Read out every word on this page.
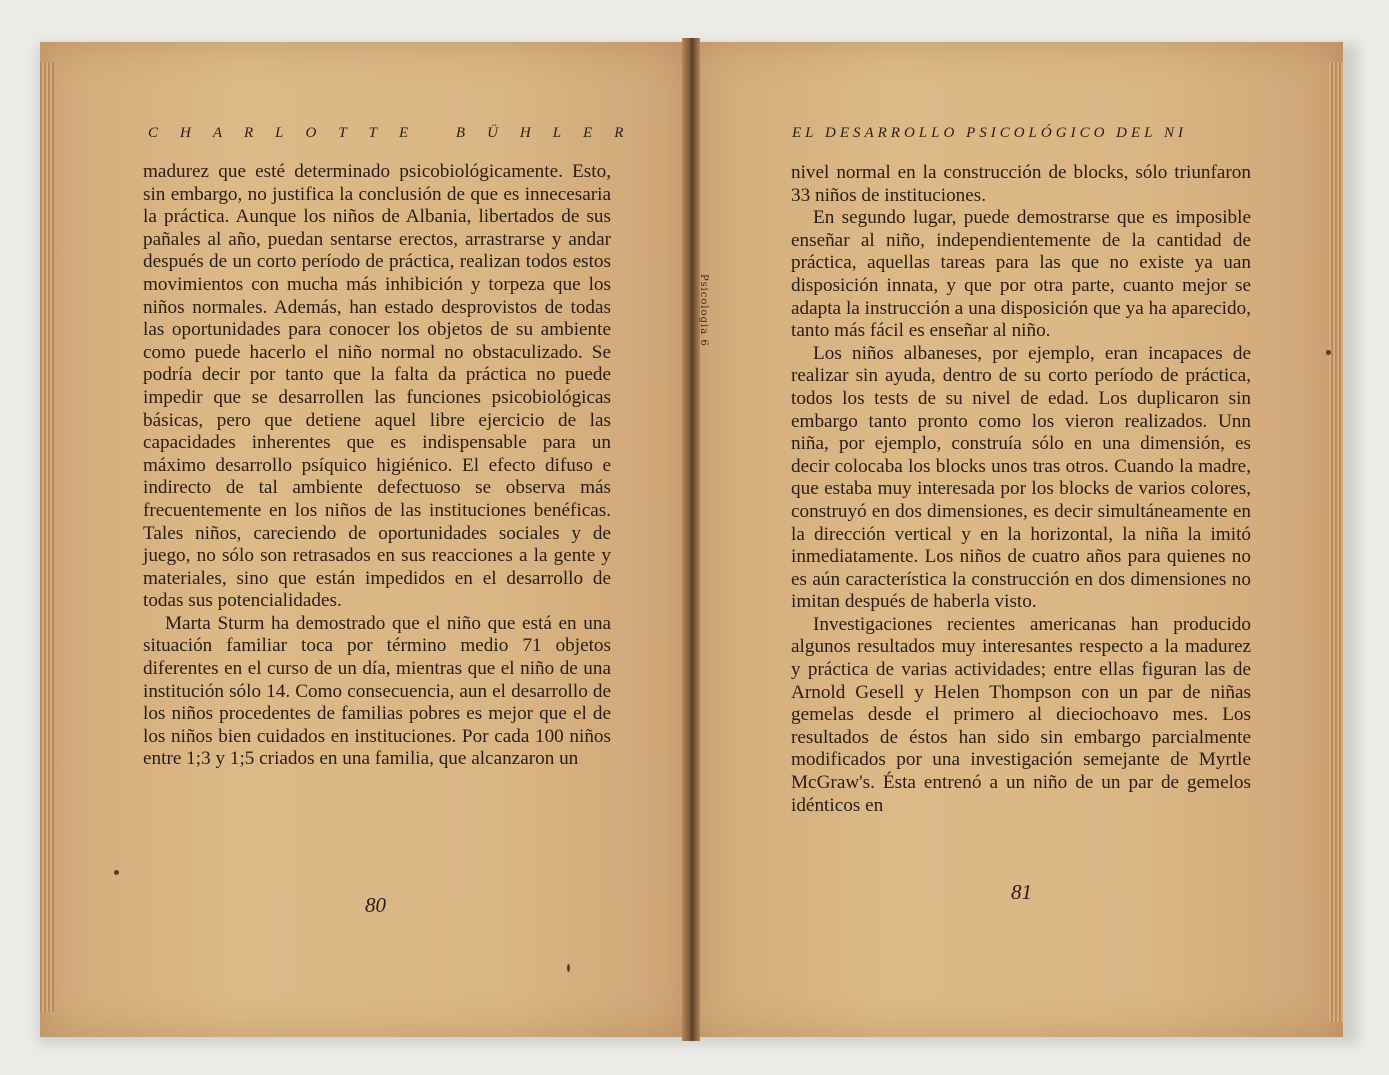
Psicologia 6
CHARLOTTE BÜHLER

madurez que esté determinado psicobiológicamente. Esto, sin embargo, no justifica la conclusión de que es innecesaria la práctica. Aunque los niños de Albania, libertados de sus pañales al año, puedan sentarse erectos, arrastrarse y andar después de un corto período de práctica, realizan todos estos movimientos con mucha más inhibición y torpeza que los niños normales. Además, han estado desprovistos de todas las oportunidades para conocer los objetos de su ambiente como puede hacerlo el niño normal no obstaculizado. Se podría decir por tanto que la falta da práctica no puede impedir que se desarrollen las funciones psicobiológicas básicas, pero que detiene aquel libre ejercicio de las capacidades inherentes que es indispensable para un máximo desarrollo psíquico higiénico. El efecto difuso e indirecto de tal ambiente defectuoso se observa más frecuentemente en los niños de las instituciones benéficas. Tales niños, careciendo de oportunidades sociales y de juego, no sólo son retrasados en sus reacciones a la gente y materiales, sino que están impedidos en el desarrollo de todas sus potencialidades.

Marta Sturm ha demostrado que el niño que está en una situación familiar toca por término medio 71 objetos diferentes en el curso de un día, mientras que el niño de una institución sólo 14. Como consecuencia, aun el desarrollo de los niños procedentes de familias pobres es mejor que el de los niños bien cuidados en instituciones. Por cada 100 niños entre 1;3 y 1;5 criados en una familia, que alcanzaron un

80
EL DESARROLLO PSICOLÓGICO DEL NI

nivel normal en la construcción de blocks, sólo triunfaron 33 niños de instituciones.

En segundo lugar, puede demostrarse que es imposible enseñar al niño, independientemente de la cantidad de práctica, aquellas tareas para las que no existe ya uan disposición innata, y que por otra parte, cuanto mejor se adapta la instrucción a una disposición que ya ha aparecido, tanto más fácil es enseñar al niño.

Los niños albaneses, por ejemplo, eran incapaces de realizar sin ayuda, dentro de su corto período de práctica, todos los tests de su nivel de edad. Los duplicaron sin embargo tanto pronto como los vieron realizados. Unn niña, por ejemplo, construía sólo en una dimensión, es decir colocaba los blocks unos tras otros. Cuando la madre, que estaba muy interesada por los blocks de varios colores, construyó en dos dimensiones, es decir simultáneamente en la dirección vertical y en la horizontal, la niña la imitó inmediatamente. Los niños de cuatro años para quienes no es aún característica la construcción en dos dimensiones no imitan después de haberla visto.

Investigaciones recientes americanas han producido algunos resultados muy interesantes respecto a la madurez y práctica de varias actividades; entre ellas figuran las de Arnold Gesell y Helen Thompson con un par de niñas gemelas desde el primero al dieciochoavo mes. Los resultados de éstos han sido sin embargo parcialmente modificados por una investigación semejante de Myrtle McGraw's. Ésta entrenó a un niño de un par de gemelos idénticos en

81
